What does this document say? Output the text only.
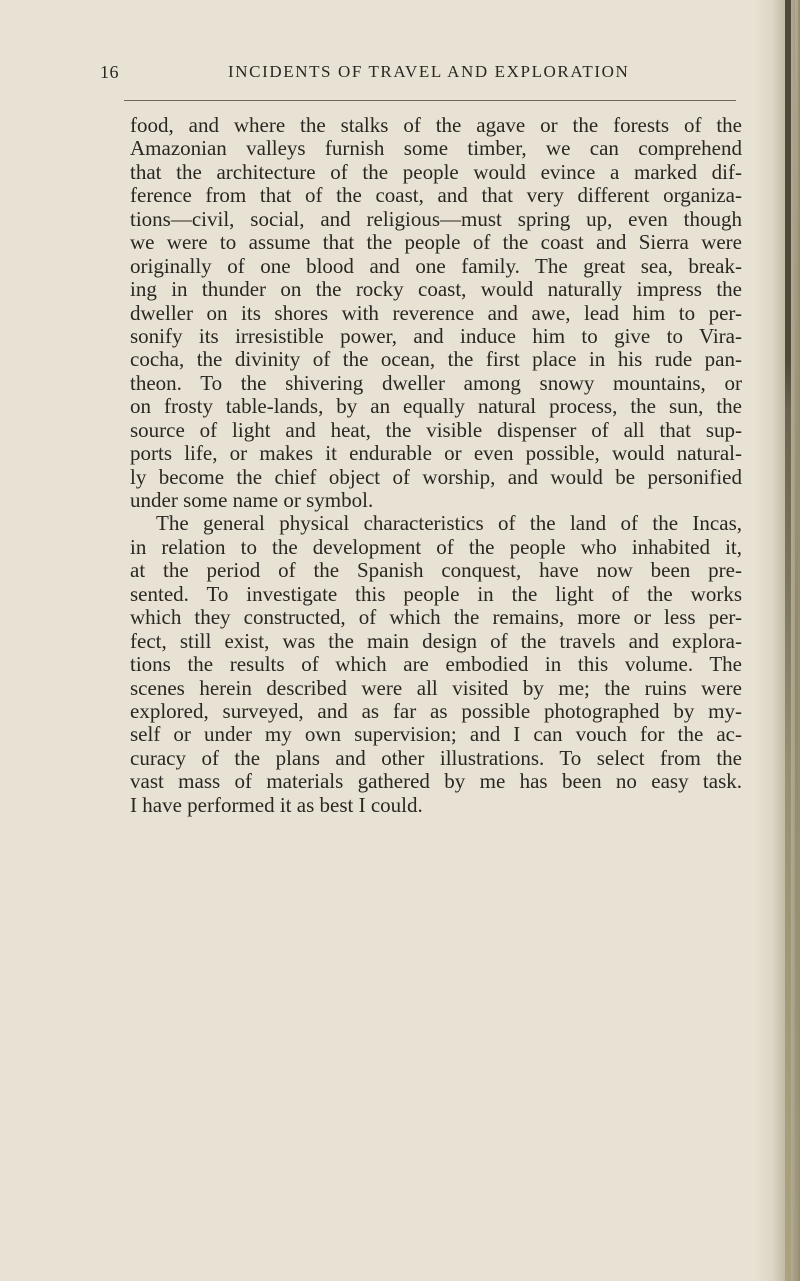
16	INCIDENTS OF TRAVEL AND EXPLORATION
food, and where the stalks of the agave or the forests of the
Amazonian valleys furnish some timber, we can comprehend
that the architecture of the people would evince a marked dif-
ference from that of the coast, and that very different organiza-
tions—civil, social, and religious—must spring up, even though
we were to assume that the people of the coast and Sierra were
originally of one blood and one family. The great sea, break-
ing in thunder on the rocky coast, would naturally impress the
dweller on its shores with reverence and awe, lead him to per-
sonify its irresistible power, and induce him to give to Vira-
cocha, the divinity of the ocean, the first place in his rude pan-
theon. To the shivering dweller among snowy mountains, or
on frosty table-lands, by an equally natural process, the sun, the
source of light and heat, the visible dispenser of all that sup-
ports life, or makes it endurable or even possible, would natural-
ly become the chief object of worship, and would be personified
under some name or symbol.
The general physical characteristics of the land of the Incas,
in relation to the development of the people who inhabited it,
at the period of the Spanish conquest, have now been pre-
sented. To investigate this people in the light of the works
which they constructed, of which the remains, more or less per-
fect, still exist, was the main design of the travels and explora-
tions the results of which are embodied in this volume. The
scenes herein described were all visited by me; the ruins were
explored, surveyed, and as far as possible photographed by my-
self or under my own supervision; and I can vouch for the ac-
curacy of the plans and other illustrations. To select from the
vast mass of materials gathered by me has been no easy task.
I have performed it as best I could.
